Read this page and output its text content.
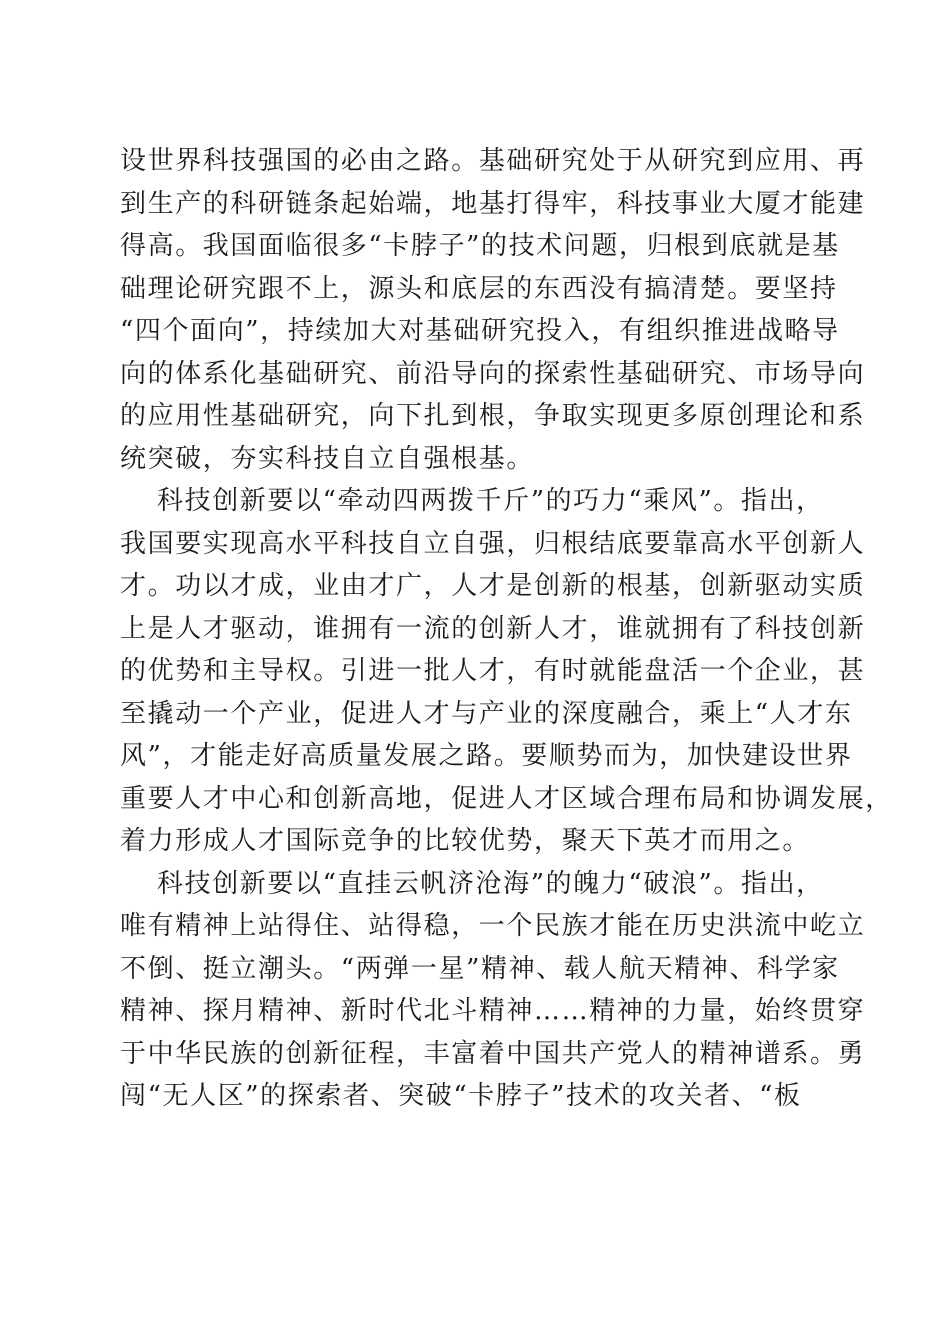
设世界科技强国的必由之路。基础研究处于从研究到应用、再
到生产的科研链条起始端，地基打得牢，科技事业大厦才能建
得高。我国面临很多“卡脖子”的技术问题，归根到底就是基
础理论研究跟不上，源头和底层的东西没有搞清楚。要坚持
“四个面向”，持续加大对基础研究投入，有组织推进战略导
向的体系化基础研究、前沿导向的探索性基础研究、市场导向
的应用性基础研究，向下扎到根，争取实现更多原创理论和系
统突破，夯实科技自立自强根基。
科技创新要以“牵动四两拨千斤”的巧力“乘风”。指出，
我国要实现高水平科技自立自强，归根结底要靠高水平创新人
才。功以才成，业由才广，人才是创新的根基，创新驱动实质
上是人才驱动，谁拥有一流的创新人才，谁就拥有了科技创新
的优势和主导权。引进一批人才，有时就能盘活一个企业，甚
至撬动一个产业，促进人才与产业的深度融合，乘上“人才东
风”，才能走好高质量发展之路。要顺势而为，加快建设世界
重要人才中心和创新高地，促进人才区域合理布局和协调发展，
着力形成人才国际竞争的比较优势，聚天下英才而用之。
科技创新要以“直挂云帆济沧海”的魄力“破浪”。指出，
唯有精神上站得住、站得稳，一个民族才能在历史洪流中屹立
不倒、挺立潮头。“两弹一星”精神、载人航天精神、科学家
精神、探月精神、新时代北斗精神……精神的力量，始终贯穿
于中华民族的创新征程，丰富着中国共产党人的精神谱系。勇
闯“无人区”的探索者、突破“卡脖子”技术的攻关者、“板
